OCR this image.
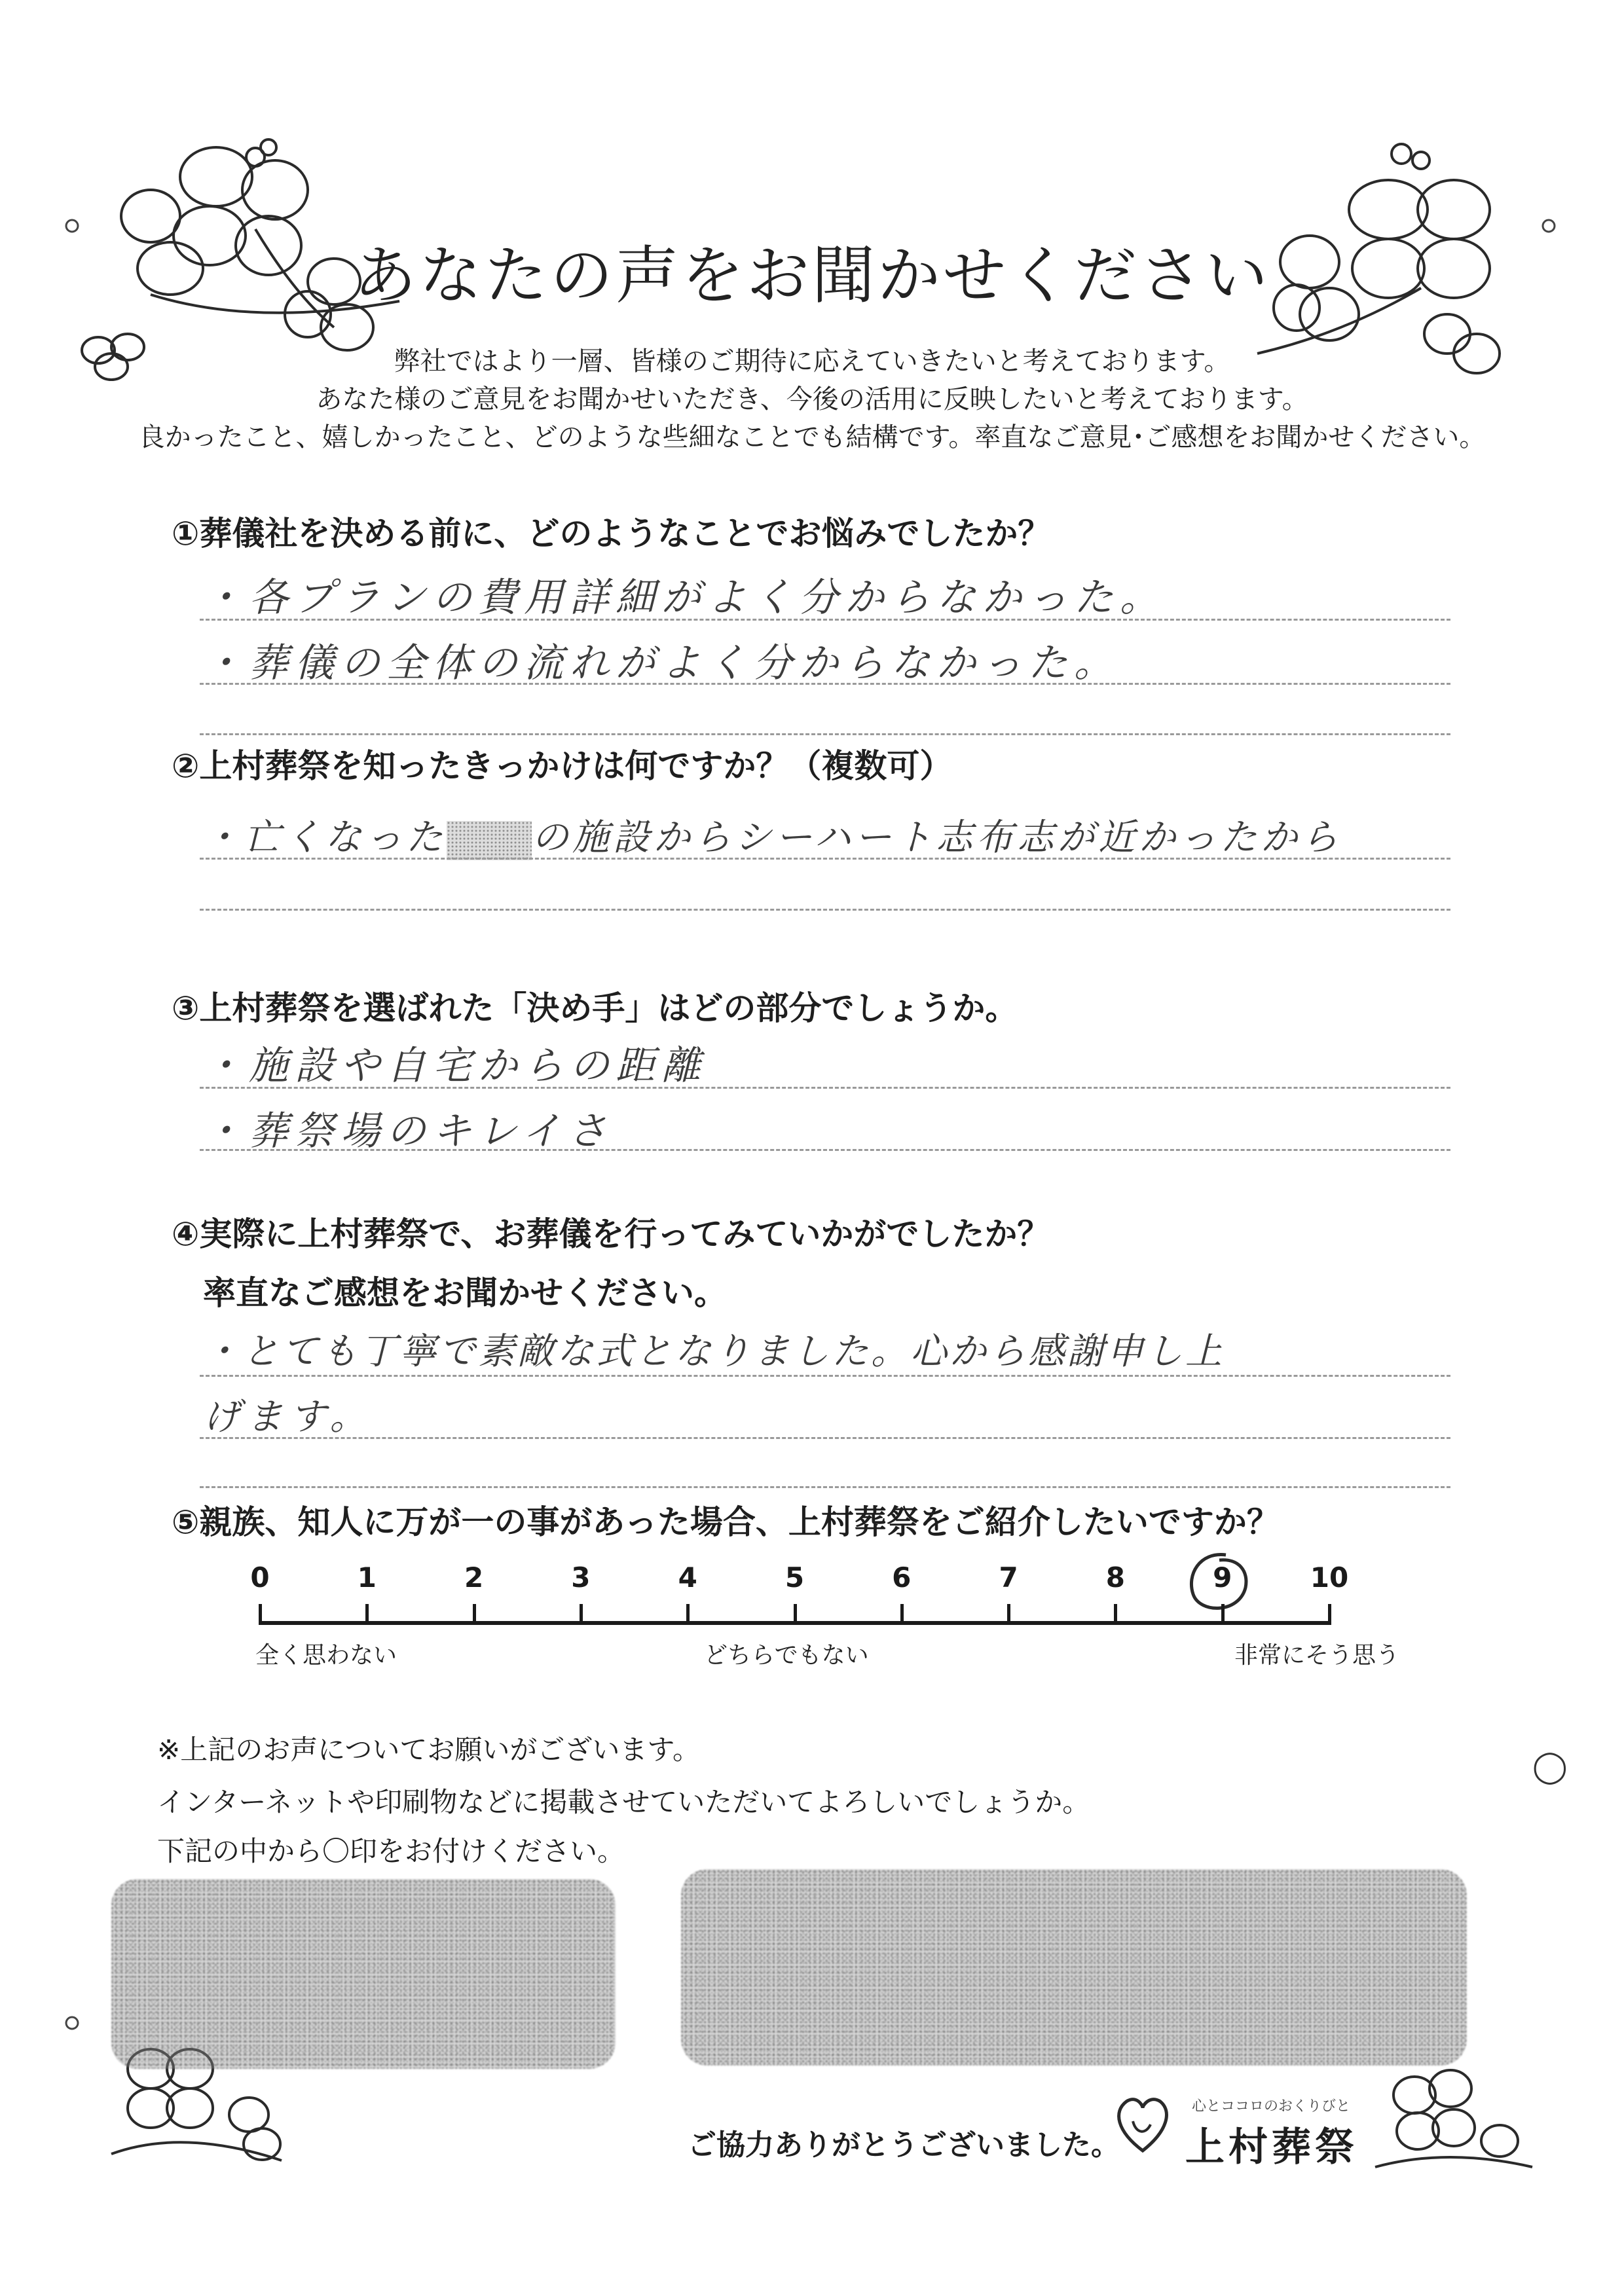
あなたの声をお聞かせください
弊社ではより一層、皆様のご期待に応えていきたいと考えております。
あなた様のご意見をお聞かせいただき、今後の活用に反映したいと考えております。
良かったこと、嬉しかったこと、どのような些細なことでも結構です。率直なご意見･ご感想をお聞かせください。
①葬儀社を決める前に、どのようなことでお悩みでしたか？
・各プランの費用詳細がよく分からなかった。
・葬儀の全体の流れがよく分からなかった。
②上村葬祭を知ったきっかけは何ですか？（複数可）
・亡くなった の施設からシーハート志布志が近かったから
③上村葬祭を選ばれた「決め手」はどの部分でしょうか。
・施設や自宅からの距離
・葬祭場のキレイさ
④実際に上村葬祭で、お葬儀を行ってみていかがでしたか？
率直なご感想をお聞かせください。
・とても丁寧で素敵な式となりました。心から感謝申し上
げます。
⑤親族、知人に万が一の事があった場合、上村葬祭をご紹介したいですか？
全く思わない	どちらでもない	非常にそう思う
※上記のお声についてお願いがございます。
インターネットや印刷物などに掲載させていただいてよろしいでしょうか。
下記の中から〇印をお付けください。
◯
ご協力ありがとうございました。
心とココロのおくりびと
上村葬祭
0	1	2	3	4	5	6	7	8	9	10
